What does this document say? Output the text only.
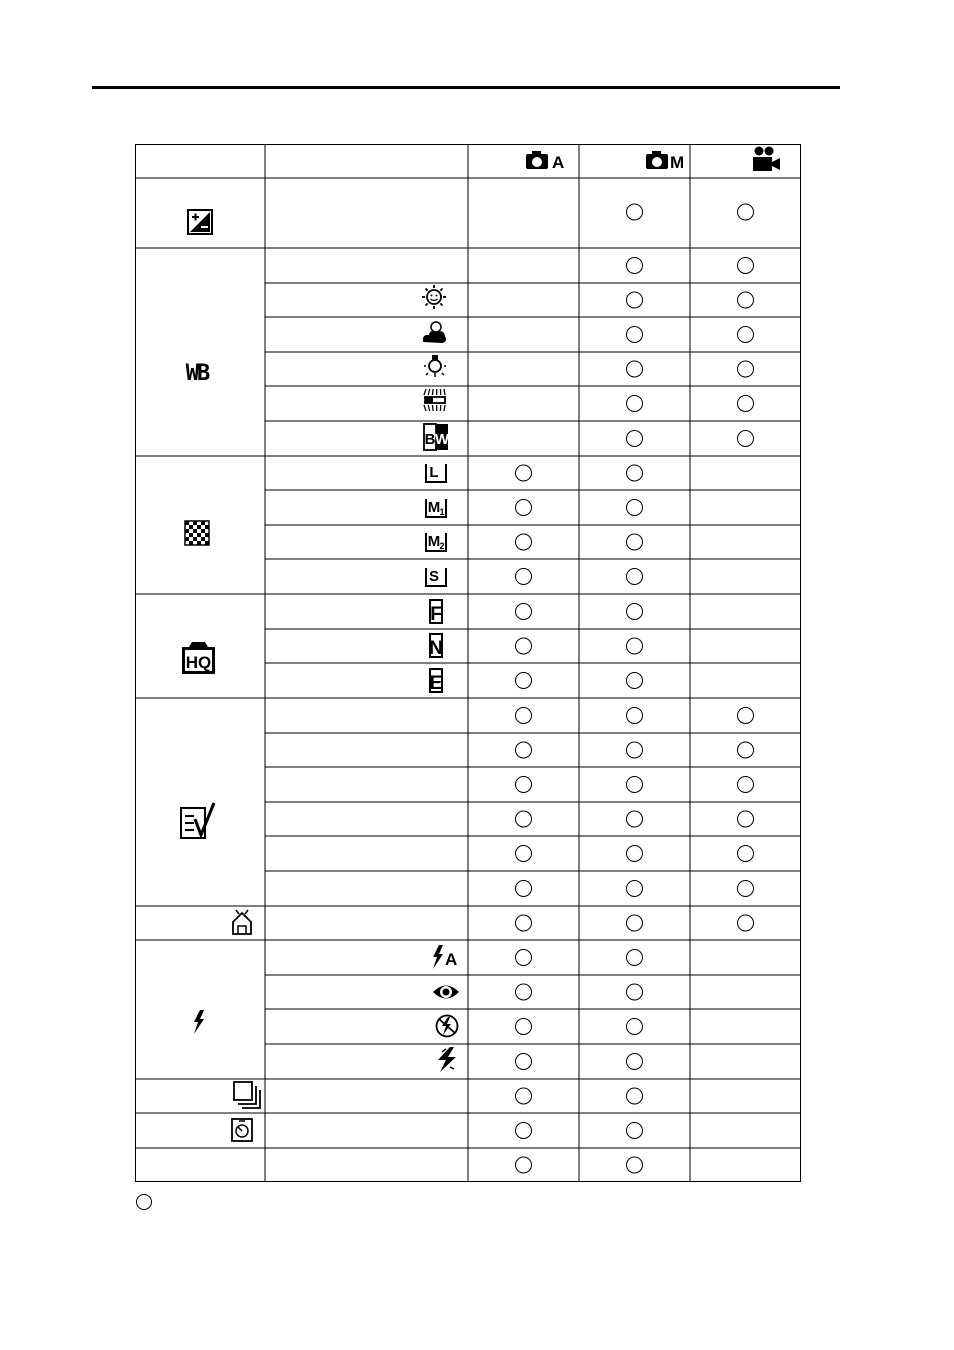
A	M
WB
HQ
B W
L
M 1
M 2
S
F
N
E
A
